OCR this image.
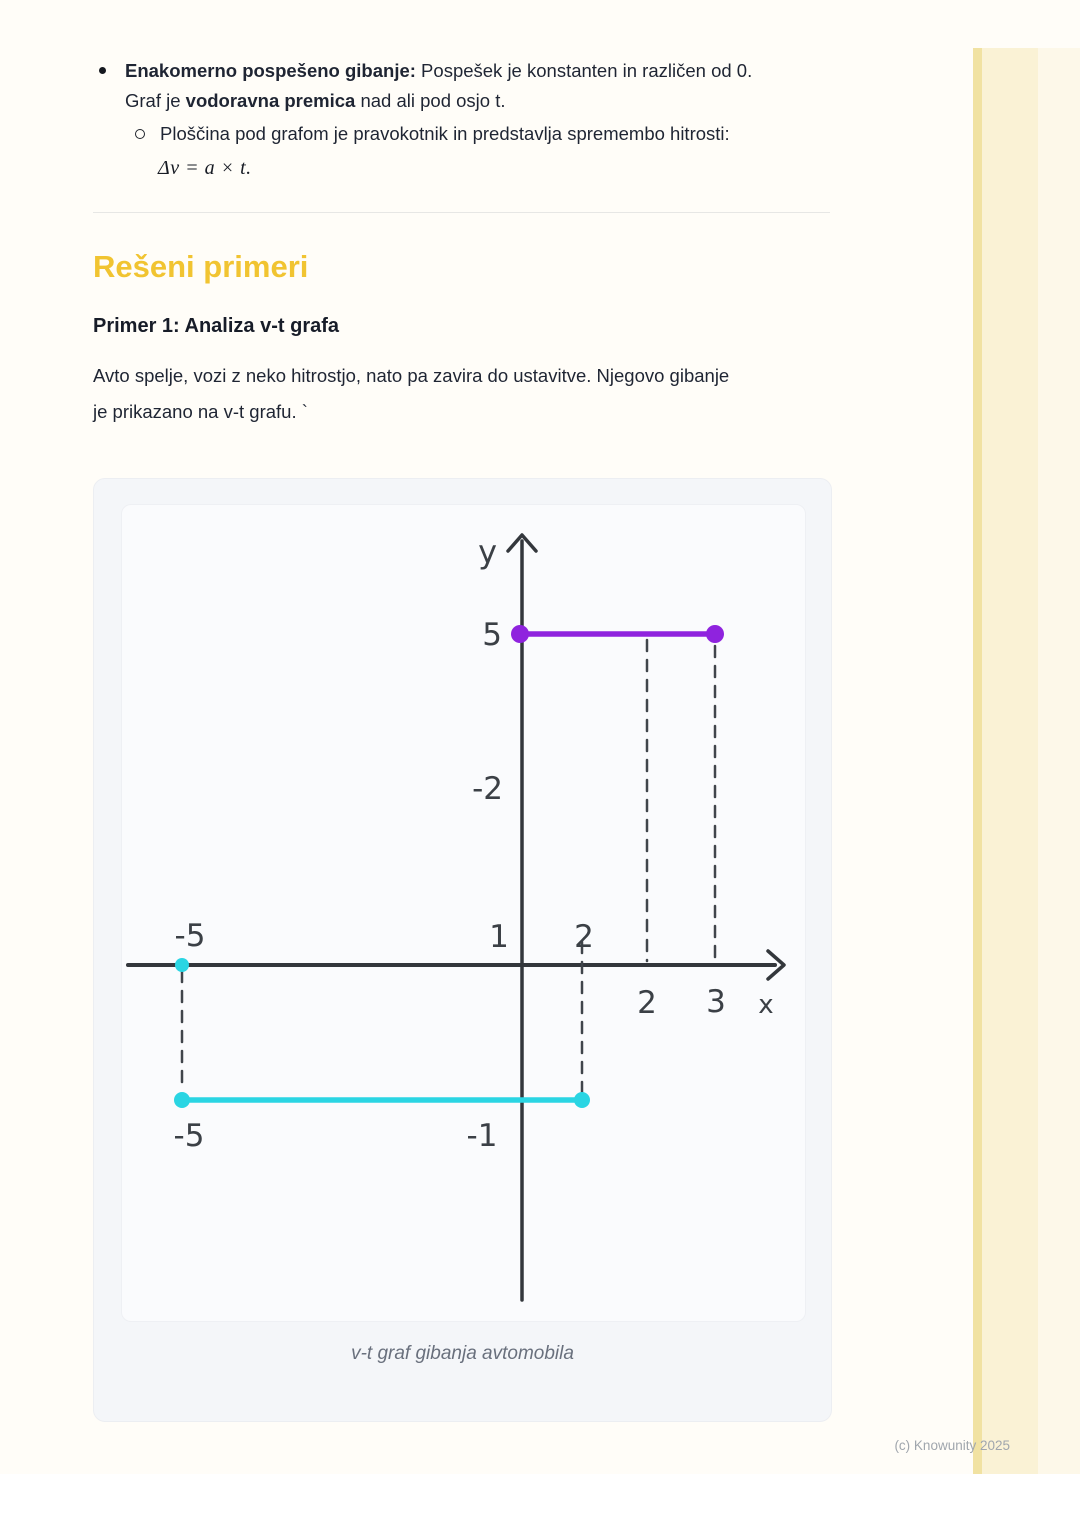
Enakomerno pospešeno gibanje: Pospešek je konstanten in različen od 0.
Graf je vodoravna premica nad ali pod osjo t.
Ploščina pod grafom je pravokotnik in predstavlja spremembo hitrosti:
Δv = a × t.
Rešeni primeri
Primer 1: Analiza v-t grafa
Avto spelje, vozi z neko hitrostjo, nato pa zavira do ustavitve. Njegovo gibanje
je prikazano na v-t grafu. `
y
5
-2
-5	1 2
2 3 x
-5	-1
v-t graf gibanja avtomobila
(c) Knowunity 2025
